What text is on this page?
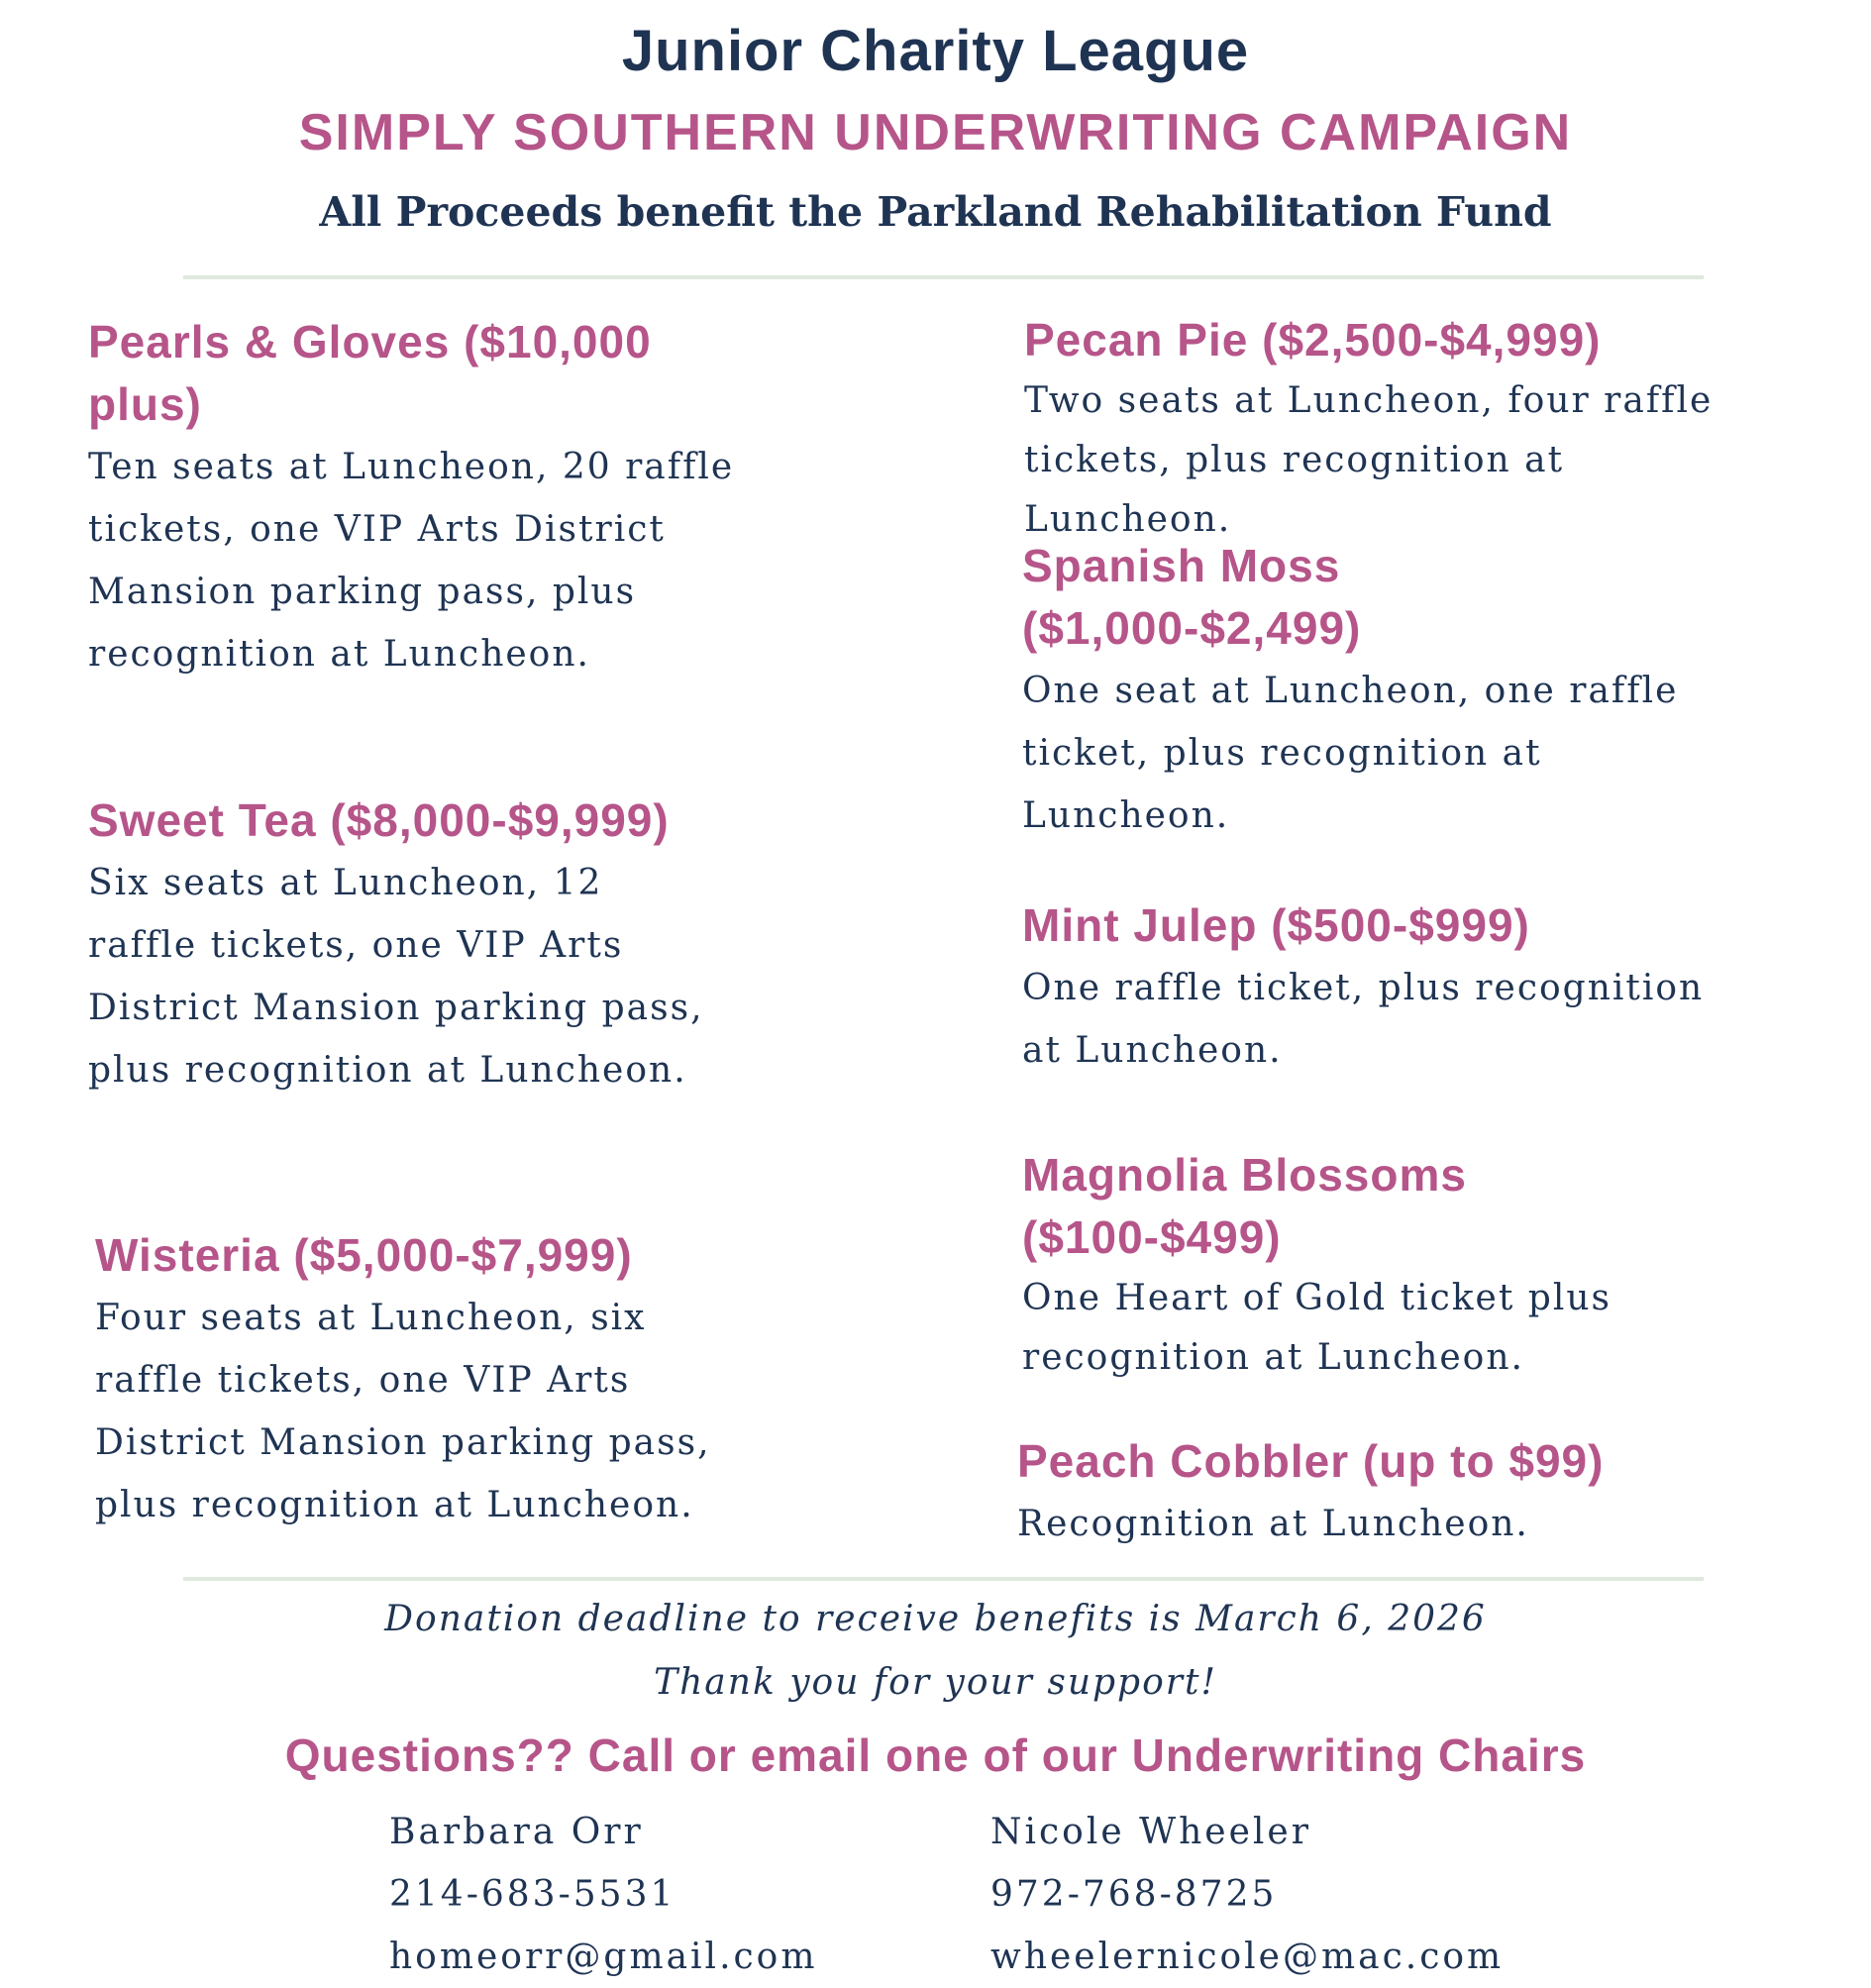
Junior Charity League
SIMPLY SOUTHERN UNDERWRITING CAMPAIGN
All Proceeds benefit the Parkland Rehabilitation Fund
Pearls & Gloves ($10,000 plus)
Ten seats at Luncheon, 20 raffle tickets, one VIP Arts District Mansion parking pass, plus recognition at Luncheon.
Sweet Tea ($8,000-$9,999)
Six seats at Luncheon, 12 raffle tickets, one VIP Arts District Mansion parking pass, plus recognition at Luncheon.
Wisteria ($5,000-$7,999)
Four seats at Luncheon, six raffle tickets, one VIP Arts District Mansion parking pass, plus recognition at Luncheon.
Pecan Pie ($2,500-$4,999)
Two seats at Luncheon, four raffle tickets, plus recognition at Luncheon.
Spanish Moss ($1,000-$2,499)
One seat at Luncheon, one raffle ticket, plus recognition at Luncheon.
Mint Julep ($500-$999)
One raffle ticket, plus recognition at Luncheon.
Magnolia Blossoms ($100-$499)
One Heart of Gold ticket plus recognition at Luncheon.
Peach Cobbler (up to $99)
Recognition at Luncheon.
Donation deadline to receive benefits is March 6, 2026
Thank you for your support!
Questions?? Call or email one of our Underwriting Chairs
Barbara Orr
214-683-5531
homeorr@gmail.com
Nicole Wheeler
972-768-8725
wheelernicole@mac.com
